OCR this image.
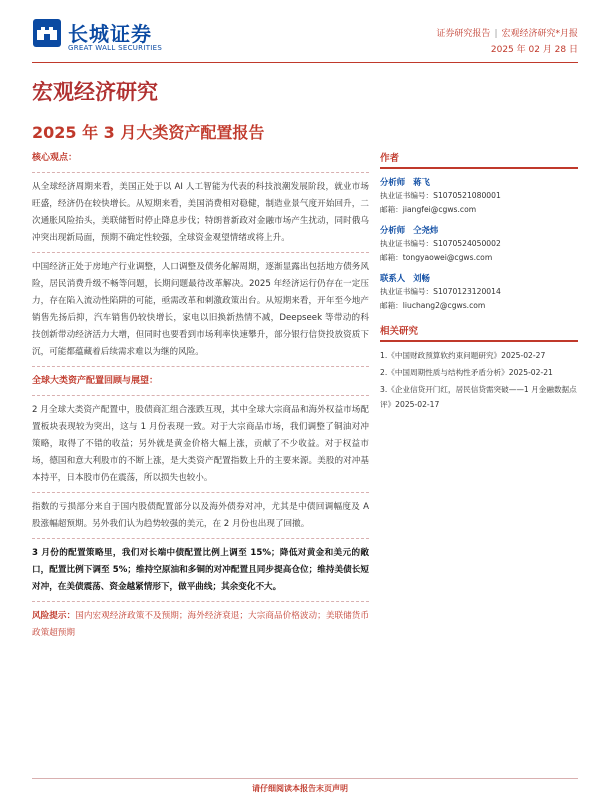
长城证券
GREAT WALL SECURITIES
证券研究报告 | 宏观经济研究*月报
2025 年 02 月 28 日
宏观经济研究
2025 年 3 月大类资产配置报告

核心观点：

从全球经济周期来看，美国正处于以 AI 人工智能为代表的科技浪潮发展阶段，就业市场旺盛，经济仍在较快增长。从短期来看，美国消费相对稳健，制造业景气度开始回升，二次通胀风险抬头，美联储暂时停止降息步伐；特朗普新政对金融市场产生扰动，同时俄乌冲突出现新局面，预期不确定性较强，全球资金观望情绪或将上升。

中国经济正处于房地产行业调整，人口调整及债务化解周期，逐渐显露出包括地方债务风险，居民消费升级不畅等问题，长期问题最待改革解决。2025 年经济运行仍存在一定压力，存在陷入流动性陷阱的可能，亟需改革和刺激政策出台。从短期来看，开年至今地产销售先扬后抑，汽车销售仍较快增长，家电以旧换新热情不减，Deepseek 等带动的科技创新带动经济活力大增，但同时也要看到市场利率快速攀升，部分银行信贷投放资质下沉，可能都蕴藏着后续需求难以为继的风险。

全球大类资产配置回顾与展望：

2 月全球大类资产配置中，股债商汇组合涨跌互现，其中全球大宗商品和海外权益市场配置板块表现较为突出，这与 1 月份表现一致。对于大宗商品市场，我们调整了铜油对冲策略，取得了不错的收益；另外就是黄金价格大幅上涨，贡献了不少收益。对于权益市场，德国和意大利股市的不断上涨，是大类资产配置指数上升的主要来源。美股的对冲基本持平，日本股市仍在震荡，所以损失也较小。

指数的亏损部分来自于国内股债配置部分以及海外债券对冲，尤其是中债回调幅度及 A 股涨幅超预期。另外我们认为趋势较强的美元，在 2 月份也出现了回撤。

3 月份的配置策略里，我们对长端中债配置比例上调至 15%；降低对黄金和美元的敞口，配置比例下调至 5%；维持空原油和多铜的对冲配置且同步提高仓位；维持美债长短对冲，在美债震荡、资金越紧情形下，做平曲线；其余变化不大。

风险提示：国内宏观经济政策不及预期；海外经济衰退；大宗商品价格波动；美联储货币政策超预期

作者
分析师 蒋飞
执业证书编号：S1070521080001
邮箱：jiangfei@cgws.com
分析师 仝尧炜
执业证书编号：S1070524050002
邮箱：tongyaowei@cgws.com
联系人 刘畅
执业证书编号：S1070123120014
邮箱：liuchang2@cgws.com
相关研究
1.《中国财政预算软约束问题研究》2025-02-27
2.《中国周期性质与结构性矛盾分析》2025-02-21
3.《企业信贷开门红，居民信贷需突破——1 月金融数据点评》2025-02-17
请仔细阅读本报告末页声明
